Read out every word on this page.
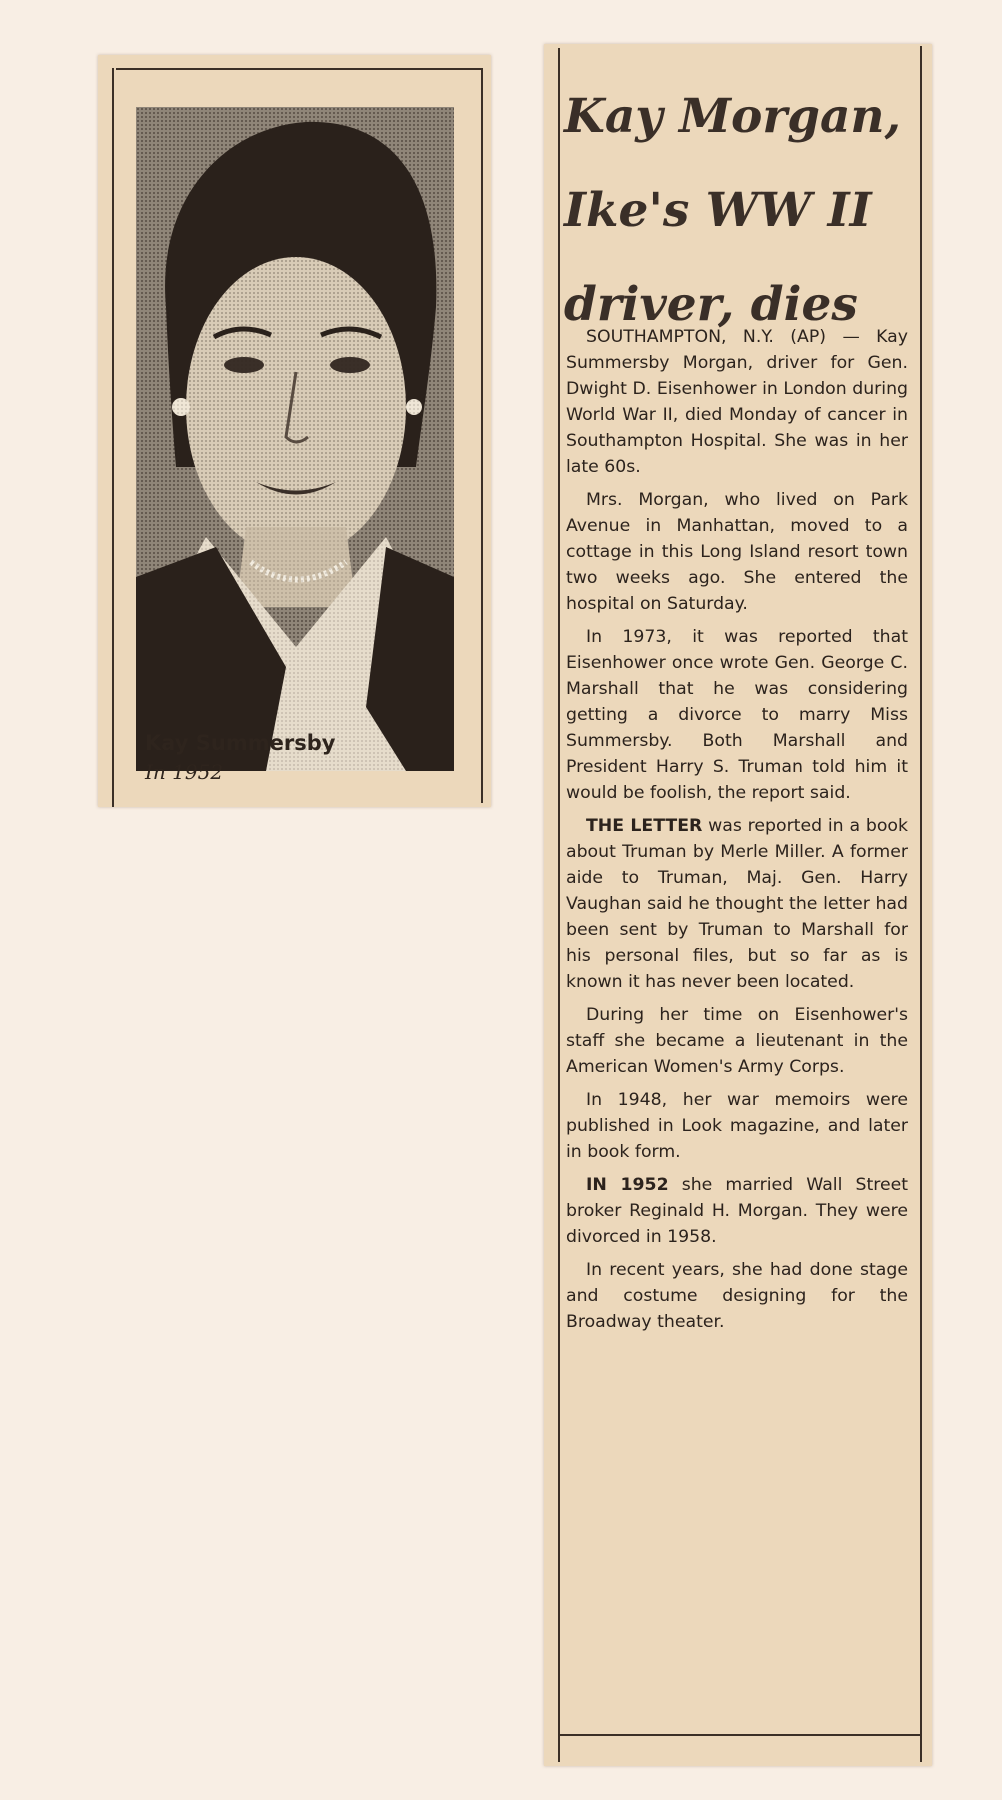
Kay Summersby
In 1952
Kay Morgan,
Ike's WW II
driver, dies

SOUTHAMPTON, N.Y. (AP) — Kay Summersby Morgan, driver for Gen. Dwight D. Eisenhower in London during World War II, died Monday of cancer in Southampton Hospital. She was in her late 60s.

Mrs. Morgan, who lived on Park Avenue in Manhattan, moved to a cottage in this Long Island resort town two weeks ago. She entered the hospital on Saturday.

In 1973, it was reported that Eisenhower once wrote Gen. George C. Marshall that he was considering getting a divorce to marry Miss Summersby. Both Marshall and President Harry S. Truman told him it would be foolish, the report said.

THE LETTER was reported in a book about Truman by Merle Miller. A former aide to Truman, Maj. Gen. Harry Vaughan said he thought the letter had been sent by Truman to Marshall for his personal files, but so far as is known it has never been located.

During her time on Eisenhower's staff she became a lieutenant in the American Women's Army Corps.

In 1948, her war memoirs were published in Look magazine, and later in book form.

IN 1952 she married Wall Street broker Reginald H. Morgan. They were divorced in 1958.

In recent years, she had done stage and costume designing for the Broadway theater.
